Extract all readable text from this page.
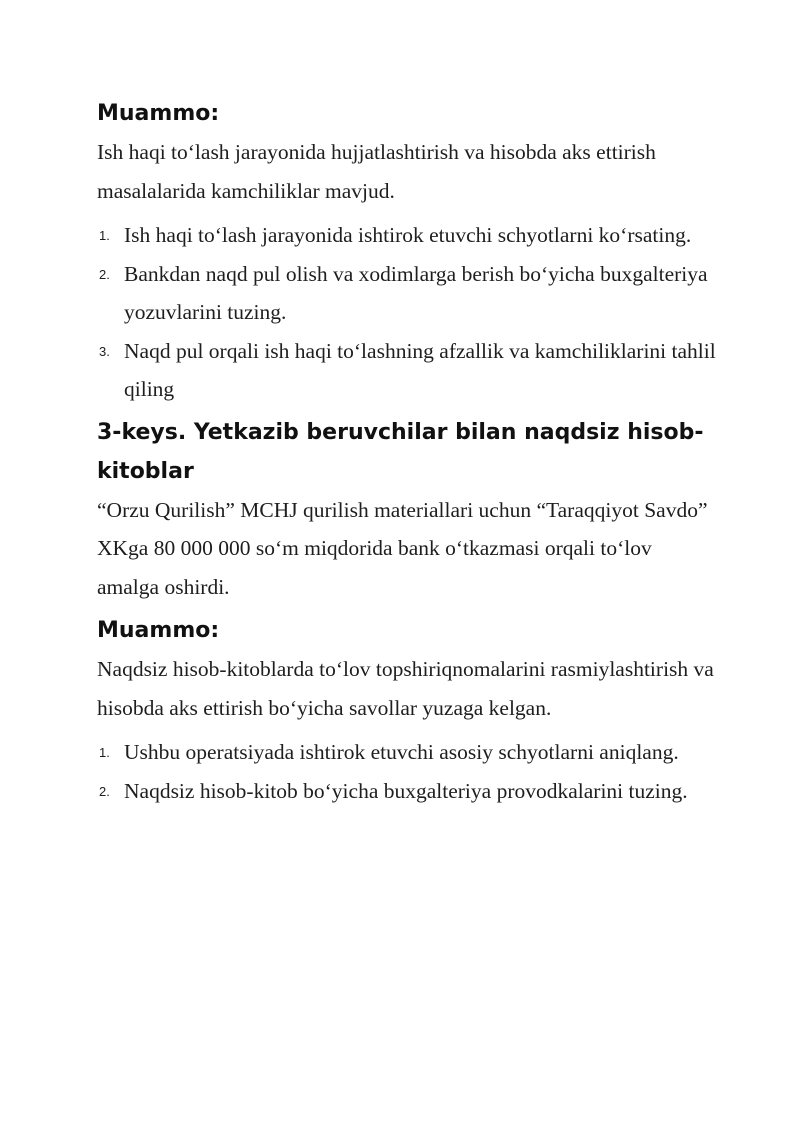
Muammo:

Ish haqi to‘lash jarayonida hujjatlashtirish va hisobda aks ettirish masalalarida kamchiliklar mavjud.

1. Ish haqi to‘lash jarayonida ishtirok etuvchi schyotlarni ko‘rsating.
2. Bankdan naqd pul olish va xodimlarga berish bo‘yicha buxgalteriya yozuvlarini tuzing.
3. Naqd pul orqali ish haqi to‘lashning afzallik va kamchiliklarini tahlil qiling
3-keys. Yetkazib beruvchilar bilan naqdsiz hisob-kitoblar

“Orzu Qurilish” MCHJ qurilish materiallari uchun “Taraqqiyot Savdo” XKga 80 000 000 so‘m miqdorida bank o‘tkazmasi orqali to‘lov amalga oshirdi.

Muammo:

Naqdsiz hisob-kitoblarda to‘lov topshiriqnomalarini rasmiylashtirish va hisobda aks ettirish bo‘yicha savollar yuzaga kelgan.

1. Ushbu operatsiyada ishtirok etuvchi asosiy schyotlarni aniqlang.
2. Naqdsiz hisob-kitob bo‘yicha buxgalteriya provodkalarini tuzing.
